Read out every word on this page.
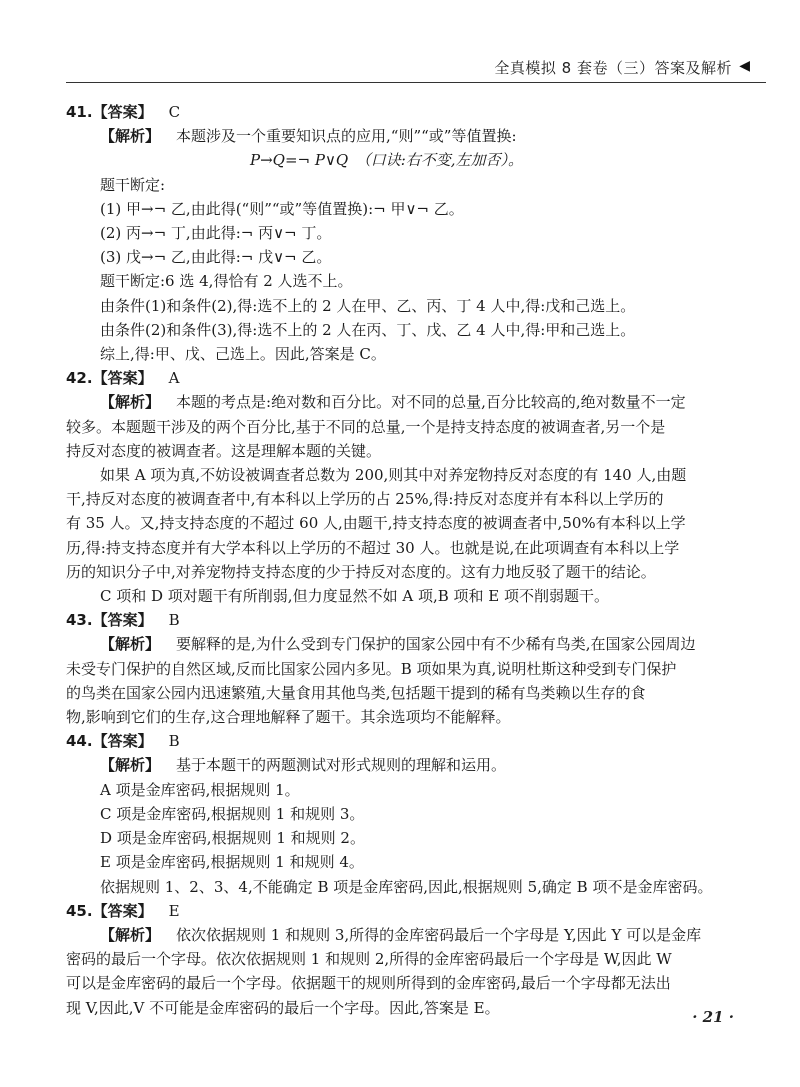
全真模拟 8 套卷（三）答案及解析 ◀
41.【答案】 C
【解析】 本题涉及一个重要知识点的应用,“则”“或”等值置换:
P→Q=¬ P∨Q　（口诀:右不变,左加否）。
题干断定:
(1) 甲→¬ 乙,由此得(“则”“或”等值置换):¬ 甲∨¬ 乙。
(2) 丙→¬ 丁,由此得:¬ 丙∨¬ 丁。
(3) 戊→¬ 乙,由此得:¬ 戊∨¬ 乙。
题干断定:6 选 4,得恰有 2 人选不上。
由条件(1)和条件(2),得:选不上的 2 人在甲、乙、丙、丁 4 人中,得:戊和己选上。
由条件(2)和条件(3),得:选不上的 2 人在丙、丁、戊、乙 4 人中,得:甲和己选上。
综上,得:甲、戊、己选上。因此,答案是 C。
42.【答案】 A
【解析】 本题的考点是:绝对数和百分比。对不同的总量,百分比较高的,绝对数量不一定
较多。本题题干涉及的两个百分比,基于不同的总量,一个是持支持态度的被调查者,另一个是
持反对态度的被调查者。这是理解本题的关键。
如果 A 项为真,不妨设被调查者总数为 200,则其中对养宠物持反对态度的有 140 人,由题
干,持反对态度的被调查者中,有本科以上学历的占 25%,得:持反对态度并有本科以上学历的
有 35 人。又,持支持态度的不超过 60 人,由题干,持支持态度的被调查者中,50%有本科以上学
历,得:持支持态度并有大学本科以上学历的不超过 30 人。也就是说,在此项调查有本科以上学
历的知识分子中,对养宠物持支持态度的少于持反对态度的。这有力地反驳了题干的结论。
C 项和 D 项对题干有所削弱,但力度显然不如 A 项,B 项和 E 项不削弱题干。
43.【答案】 B
【解析】 要解释的是,为什么受到专门保护的国家公园中有不少稀有鸟类,在国家公园周边
未受专门保护的自然区域,反而比国家公园内多见。B 项如果为真,说明杜斯这种受到专门保护
的鸟类在国家公园内迅速繁殖,大量食用其他鸟类,包括题干提到的稀有鸟类赖以生存的食
物,影响到它们的生存,这合理地解释了题干。其余选项均不能解释。
44.【答案】 B
【解析】 基于本题干的两题测试对形式规则的理解和运用。
A 项是金库密码,根据规则 1。
C 项是金库密码,根据规则 1 和规则 3。
D 项是金库密码,根据规则 1 和规则 2。
E 项是金库密码,根据规则 1 和规则 4。
依据规则 1、2、3、4,不能确定 B 项是金库密码,因此,根据规则 5,确定 B 项不是金库密码。
45.【答案】 E
【解析】 依次依据规则 1 和规则 3,所得的金库密码最后一个字母是 Y,因此 Y 可以是金库
密码的最后一个字母。依次依据规则 1 和规则 2,所得的金库密码最后一个字母是 W,因此 W
可以是金库密码的最后一个字母。依据题干的规则所得到的金库密码,最后一个字母都无法出
现 V,因此,V 不可能是金库密码的最后一个字母。因此,答案是 E。
· 21 ·
